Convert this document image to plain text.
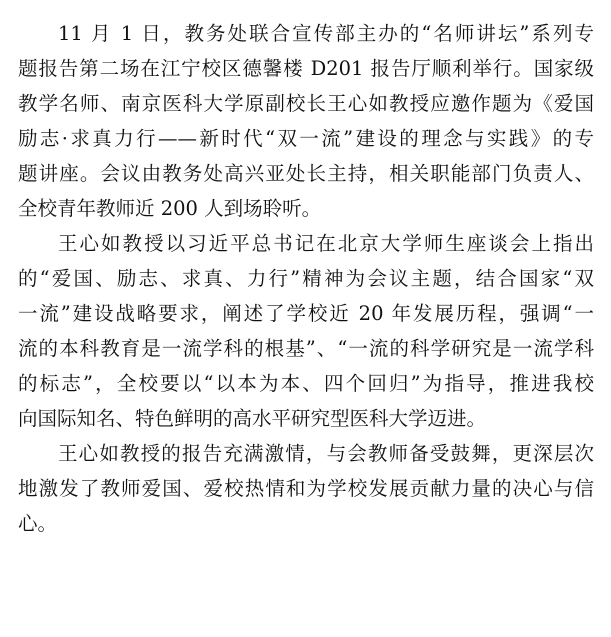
11 月 1 日，教务处联合宣传部主办的“名师讲坛”系列专
题报告第二场在江宁校区德馨楼 D201 报告厅顺利举行。国家级
教学名师、南京医科大学原副校长王心如教授应邀作题为《爱国
励志·求真力行——新时代“双一流”建设的理念与实践》的专
题讲座。会议由教务处高兴亚处长主持，相关职能部门负责人、
全校青年教师近 200 人到场聆听。
王心如教授以习近平总书记在北京大学师生座谈会上指出
的“爱国、励志、求真、力行”精神为会议主题，结合国家“双
一流”建设战略要求，阐述了学校近 20 年发展历程，强调“一
流的本科教育是一流学科的根基”、“一流的科学研究是一流学科
的标志”，全校要以“以本为本、四个回归”为指导，推进我校
向国际知名、特色鲜明的高水平研究型医科大学迈进。
王心如教授的报告充满激情，与会教师备受鼓舞，更深层次
地激发了教师爱国、爱校热情和为学校发展贡献力量的决心与信
心。
